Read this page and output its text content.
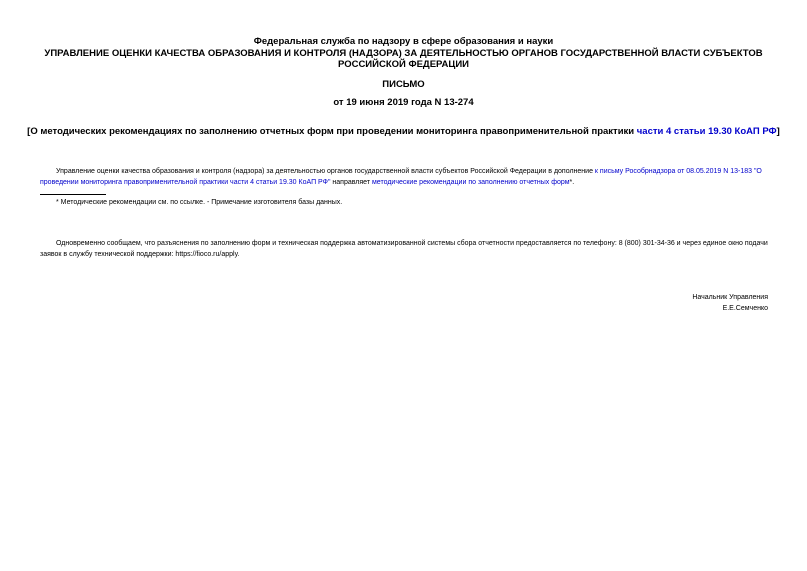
Федеральная служба по надзору в сфере образования и науки
УПРАВЛЕНИЕ ОЦЕНКИ КАЧЕСТВА ОБРАЗОВАНИЯ И КОНТРОЛЯ (НАДЗОРА) ЗА ДЕЯТЕЛЬНОСТЬЮ ОРГАНОВ ГОСУДАРСТВЕННОЙ ВЛАСТИ СУБЪЕКТОВ
РОССИЙСКОЙ ФЕДЕРАЦИИ
ПИСЬМО
от 19 июня 2019 года N 13-274
[О методических рекомендациях по заполнению отчетных форм при проведении мониторинга правоприменительной практики части 4 статьи 19.30 КоАП РФ]
Управление оценки качества образования и контроля (надзора) за деятельностью органов государственной власти субъектов Российской Федерации в дополнение к письму Рособрнадзора от 08.05.2019 N 13-183 "О проведении мониторинга правоприменительной практики части 4 статьи 19.30 КоАП РФ" направляет методические рекомендации по заполнению отчетных форм*.
* Методические рекомендации см. по ссылке. - Примечание изготовителя базы данных.
Одновременно сообщаем, что разъяснения по заполнению форм и техническая поддержка автоматизированной системы сбора отчетности предоставляется по телефону: 8 (800) 301-34-36 и через единое окно подачи заявок в службу технической поддержки: https://fioco.ru/apply.
Начальник Управления
Е.Е.Семченко
